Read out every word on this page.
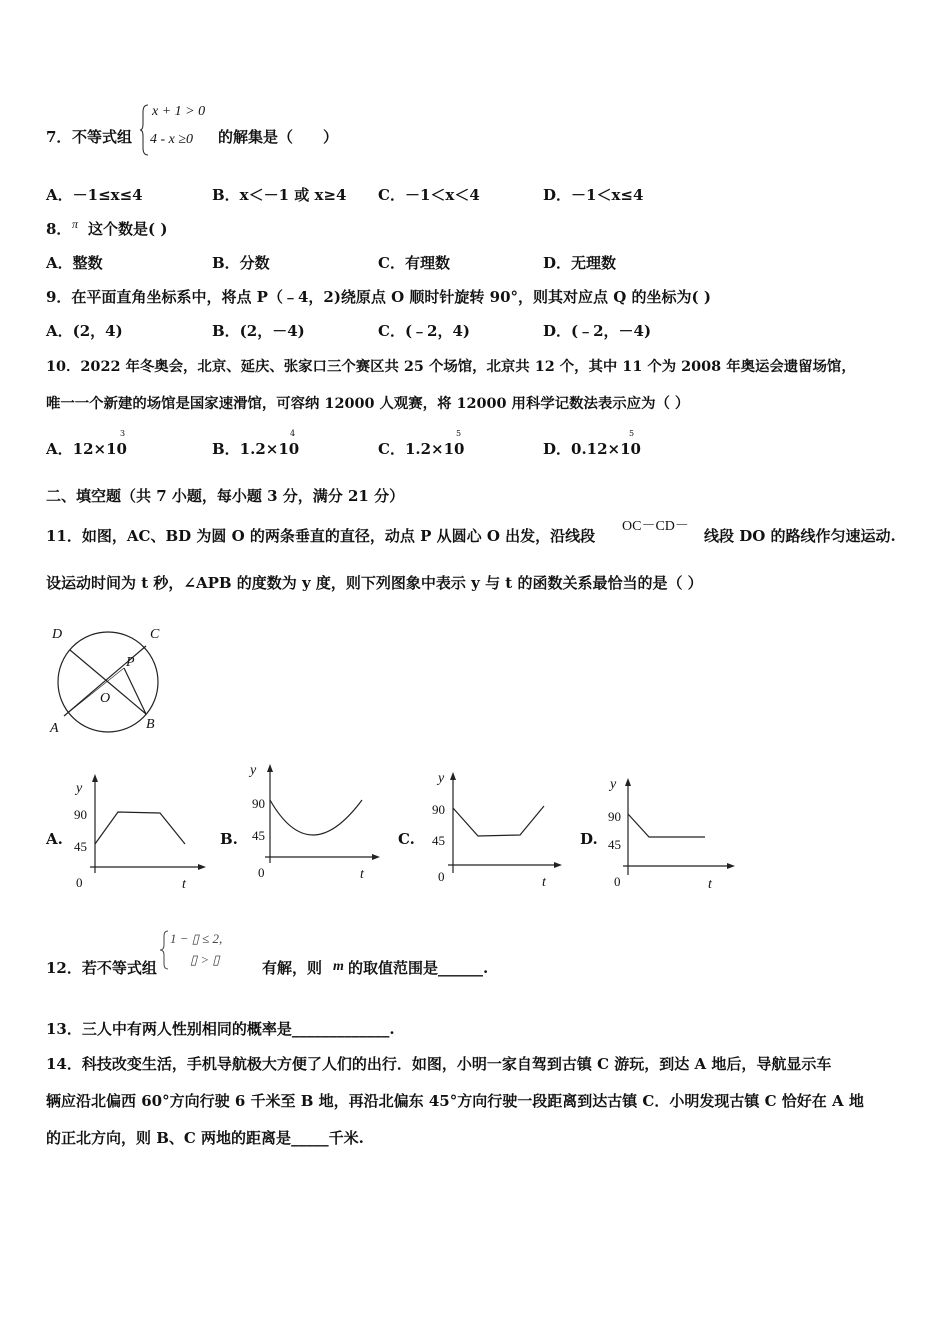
7． 不等式组
x + 1 > 0
4 - x ≥0 的解集是（　　）
A．－1≤x≤4	B．x＜－1 或 x≥4 C．－1＜x＜4	D．－1＜x≤4
8． π 这个数是( )
A．整数	B．分数	C．有理数	D．无理数
9．在平面直角坐标系中，将点 P（﹣4，2)绕原点 O 顺时针旋转 90°，则其对应点 Q 的坐标为( )
A．(2，4)	B．(2，－4)	C．(﹣2，4)	D．(﹣2，－4)
10．2022 年冬奥会，北京、延庆、张家口三个赛区共 25 个场馆，北京共 12 个，其中 11 个为 2008 年奥运会遗留场馆，
唯一一个新建的场馆是国家速滑馆，可容纳 12000 人观赛，将 12000 用科学记数法表示应为（ ）
A．12×10
3
B．1.2×10
4
C．1.2×10
5
D．0.12×10
5
二、填空题（共 7 小题，每小题 3 分，满分 21 分）
11．如图，AC、BD 为圆 O 的两条垂直的直径，动点 P 从圆心 O 出发，沿线段
OC－CD－
线段 DO 的路线作匀速运动.
设运动时间为 t 秒，∠APB 的度数为 y 度，则下列图象中表示 y 与 t 的函数关系最恰当的是（ ）
D	C
P
O
A	B
A.
y
90
45
0	t
B.
y
90
45
0	t
C.
y
90
45
0	t
D.
y
90
45
0	t
12．若不等式组
1 − ▯ ≤ 2,
▯ > ▯	有解，则 m 的取值范围是______.
13．三人中有两人性别相同的概率是_____________.
14．科技改变生活，手机导航极大方便了人们的出行．如图，小明一家自驾到古镇 C 游玩，到达 A 地后，导航显示车
辆应沿北偏西 60°方向行驶 6 千米至 B 地，再沿北偏东 45°方向行驶一段距离到达古镇 C．小明发现古镇 C 恰好在 A 地
的正北方向，则 B、C 两地的距离是_____千米.
